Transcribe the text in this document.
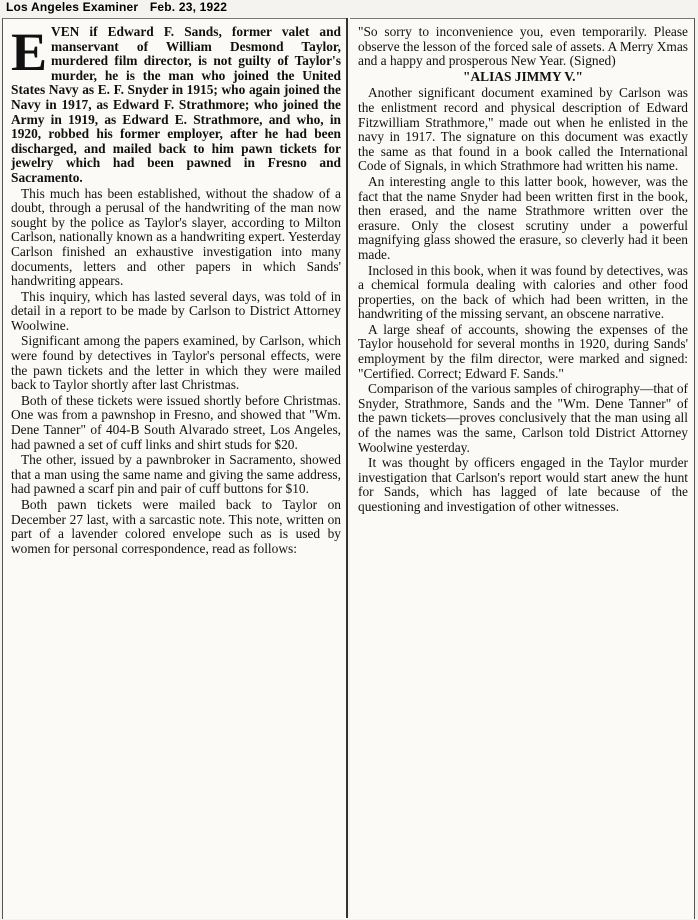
Los Angeles Examiner Feb. 23, 1922
E VEN if Edward F. Sands, former valet and manservant of William Desmond Taylor, murdered film director, is not guilty of Taylor's murder, he is the man who joined the United States Navy as E. F. Snyder in 1915; who again joined the Navy in 1917, as Edward F. Strathmore; who joined the Army in 1919, as Edward E. Strathmore, and who, in 1920, robbed his former employer, after he had been discharged, and mailed back to him pawn tickets for jewelry which had been pawned in Fresno and Sacramento.

This much has been established, without the shadow of a doubt, through a perusal of the handwriting of the man now sought by the police as Taylor's slayer, according to Milton Carlson, nationally known as a handwriting expert. Yesterday Carlson finished an exhaustive investigation into many documents, letters and other papers in which Sands' handwriting appears.

This inquiry, which has lasted several days, was told of in detail in a report to be made by Carlson to District Attorney Woolwine.

Significant among the papers examined, by Carlson, which were found by detectives in Taylor's personal effects, were the pawn tickets and the letter in which they were mailed back to Taylor shortly after last Christmas.

Both of these tickets were issued shortly before Christmas. One was from a pawnshop in Fresno, and showed that "Wm. Dene Tanner" of 404-B South Alvarado street, Los Angeles, had pawned a set of cuff links and shirt studs for $20.

The other, issued by a pawnbroker in Sacramento, showed that a man using the same name and giving the same address, had pawned a scarf pin and pair of cuff buttons for $10.

Both pawn tickets were mailed back to Taylor on December 27 last, with a sarcastic note. This note, written on part of a lavender colored envelope such as is used by women for personal correspondence, read as follows:

"So sorry to inconvenience you, even temporarily. Please observe the lesson of the forced sale of assets. A Merry Xmas and a happy and prosperous New Year. (Signed)

"ALIAS JIMMY V."

Another significant document examined by Carlson was the enlistment record and physical description of Edward Fitzwilliam Strathmore," made out when he enlisted in the navy in 1917. The signature on this document was exactly the same as that found in a book called the International Code of Signals, in which Strathmore had written his name.

An interesting angle to this latter book, however, was the fact that the name Snyder had been written first in the book, then erased, and the name Strathmore written over the erasure. Only the closest scrutiny under a powerful magnifying glass showed the erasure, so cleverly had it been made.

Inclosed in this book, when it was found by detectives, was a chemical formula dealing with calories and other food properties, on the back of which had been written, in the handwriting of the missing servant, an obscene narrative.

A large sheaf of accounts, showing the expenses of the Taylor household for several months in 1920, during Sands' employment by the film director, were marked and signed: "Certified. Correct; Edward F. Sands."

Comparison of the various samples of chirography—that of Snyder, Strathmore, Sands and the "Wm. Dene Tanner" of the pawn tickets—proves conclusively that the man using all of the names was the same, Carlson told District Attorney Woolwine yesterday.

It was thought by officers engaged in the Taylor murder investigation that Carlson's report would start anew the hunt for Sands, which has lagged of late because of the questioning and investigation of other witnesses.
